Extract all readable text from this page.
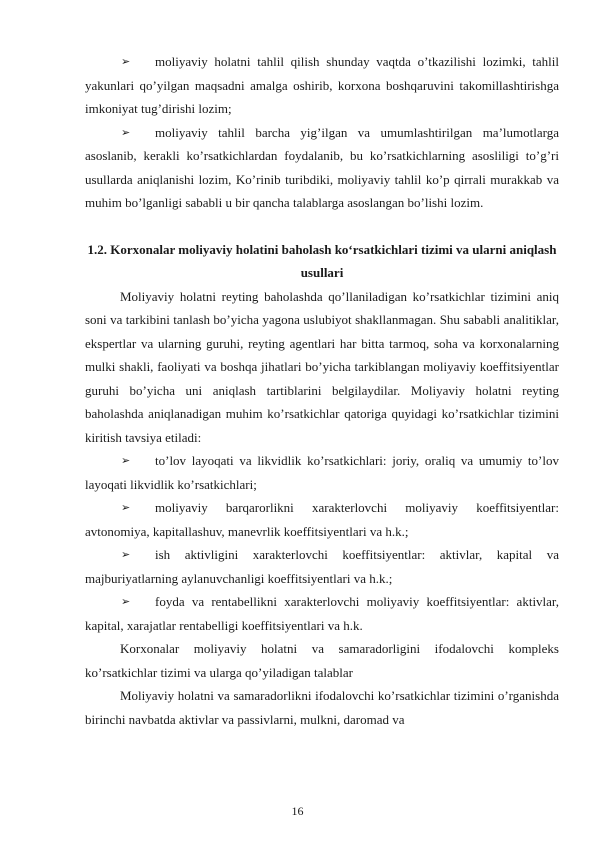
➢	moliyaviy holatni tahlil qilish shunday vaqtda o’tkazilishi lozimki, tahlil yakunlari qo’yilgan maqsadni amalga oshirib, korxona boshqaruvini takomillashtirishga imkoniyat tug’dirishi lozim;

➢	moliyaviy tahlil barcha yig’ilgan va umumlashtirilgan ma’lumotlarga asoslanib, kerakli ko’rsatkichlardan foydalanib, bu ko’rsatkichlarning asosliligi to’g’ri usullarda aniqlanishi lozim, Ko’rinib turibdiki, moliyaviy tahlil ko’p qirrali murakkab va muhim bo’lganligi sababli u bir qancha talablarga asoslangan bo’lishi lozim.

1.2. Korxonalar moliyaviy holatini baholash ko‘rsatkichlari tizimi va ularni aniqlash usullari

Moliyaviy holatni reyting baholashda qo’llaniladigan ko’rsatkichlar tizimini aniq soni va tarkibini tanlash bo’yicha yagona uslubiyot shakllanmagan. Shu sababli analitiklar, ekspertlar va ularning guruhi, reyting agentlari har bitta tarmoq, soha va korxonalarning mulki shakli, faoliyati va boshqa jihatlari bo’yicha tarkiblangan moliyaviy koeffitsiyentlar guruhi bo’yicha uni aniqlash tartiblarini belgilaydilar. Moliyaviy holatni reyting baholashda aniqlanadigan muhim ko’rsatkichlar qatoriga quyidagi ko’rsatkichlar tizimini kiritish tavsiya etiladi:

➢	to’lov layoqati va likvidlik ko’rsatkichlari: joriy, oraliq va umumiy to’lov layoqati likvidlik ko’rsatkichlari;

➢	moliyaviy barqarorlikni xarakterlovchi moliyaviy koeffitsiyentlar: avtonomiya, kapitallashuv, manevrlik koeffitsiyentlari va h.k.;

➢	ish aktivligini xarakterlovchi koeffitsiyentlar: aktivlar, kapital va majburiyatlarning aylanuvchanligi koeffitsiyentlari va h.k.;

➢	foyda va rentabellikni xarakterlovchi moliyaviy koeffitsiyentlar: aktivlar, kapital, xarajatlar rentabelligi koeffitsiyentlari va h.k.

Korxonalar moliyaviy holatni va samaradorligini ifodalovchi kompleks ko’rsatkichlar tizimi va ularga qo’yiladigan talablar

Moliyaviy holatni va samaradorlikni ifodalovchi ko’rsatkichlar tizimini o’rganishda birinchi navbatda aktivlar va passivlarni, mulkni, daromad va

16
